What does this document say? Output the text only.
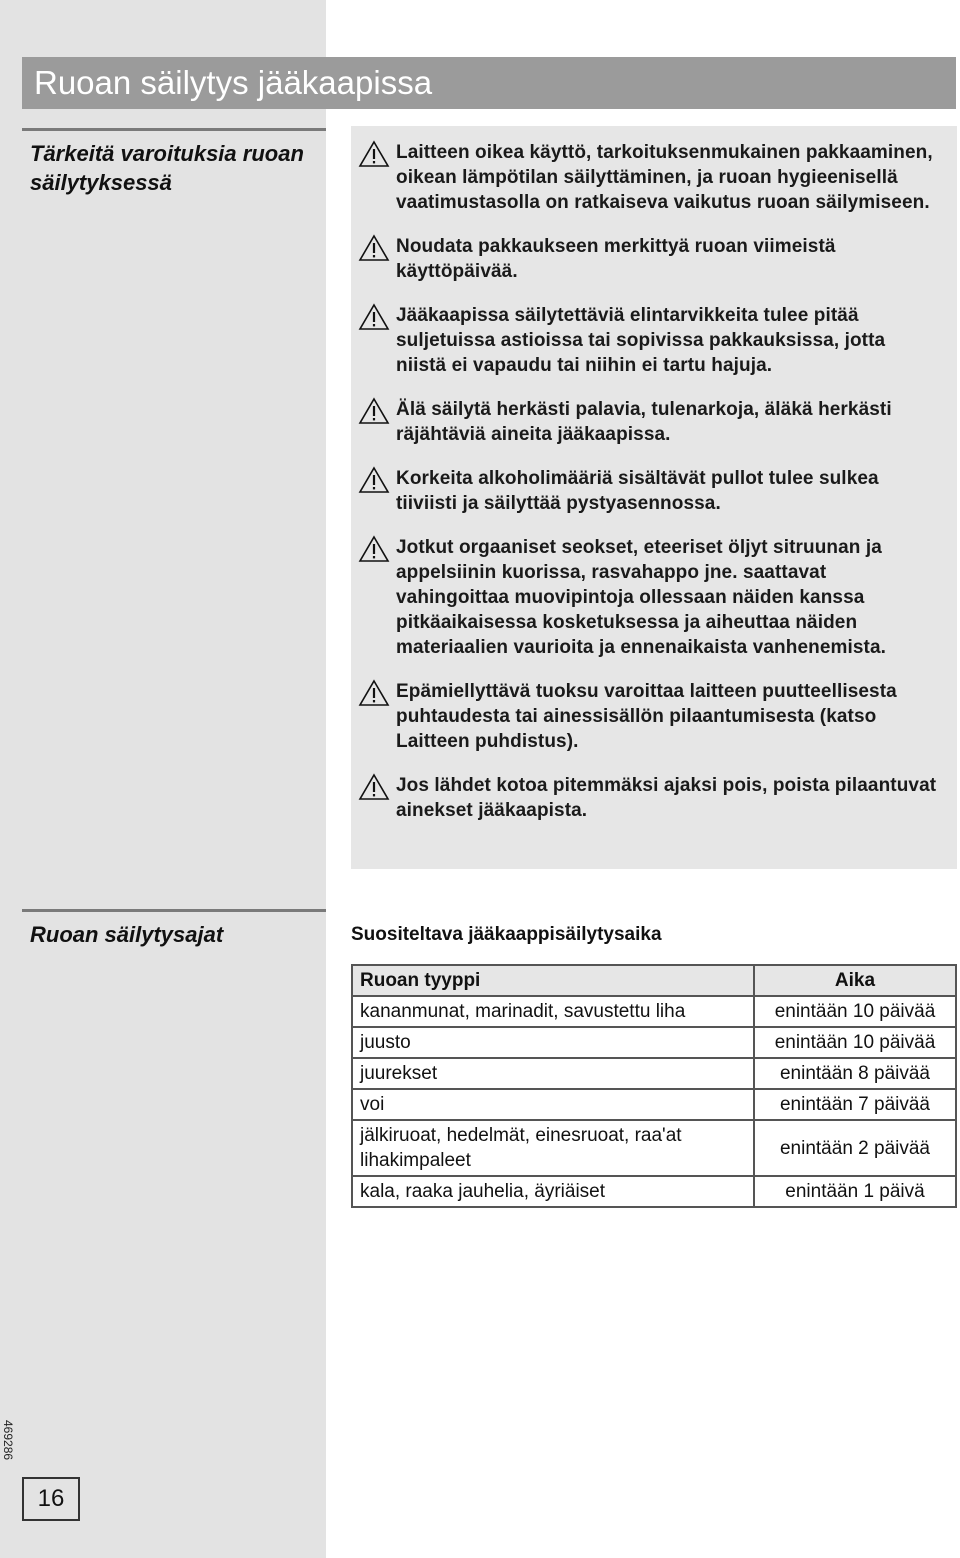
Ruoan säilytys jääkaapissa
Tärkeitä varoituksia ruoan säilytyksessä
Laitteen oikea käyttö, tarkoituksenmukainen pakkaaminen, oikean lämpötilan säilyttäminen, ja ruoan hygieenisellä vaatimustasolla on ratkaiseva vaikutus ruoan säilymiseen.
Noudata pakkaukseen merkittyä ruoan viimeistä käyttöpäivää.
Jääkaapissa säilytettäviä elintarvikkeita tulee pitää suljetuissa astioissa tai sopivissa pakkauksissa, jotta niistä ei vapaudu tai niihin ei tartu hajuja.
Älä säilytä herkästi palavia, tulenarkoja, äläkä herkästi räjähtäviä aineita jääkaapissa.
Korkeita alkoholimääriä sisältävät pullot tulee sulkea tiiviisti ja säilyttää pystyasennossa.
Jotkut orgaaniset seokset, eteeriset öljyt sitruunan ja appelsiinin kuorissa, rasvahappo jne. saattavat vahingoittaa muovipintoja ollessaan näiden kanssa pitkäaikaisessa kosketuksessa ja aiheuttaa näiden materiaalien vaurioita ja ennenaikaista vanhenemista.
Epämiellyttävä tuoksu varoittaa laitteen puutteellisesta puhtaudesta tai ainessisällön pilaantumisesta (katso Laitteen puhdistus).
Jos lähdet kotoa pitemmäksi ajaksi pois, poista pilaantuvat ainekset jääkaapista.
Ruoan säilytysajat	Suositeltava jääkaappisäilytysaika
Ruoan tyyppi	Aika
kananmunat, marinadit, savustettu liha	enintään 10 päivää
juusto	enintään 10 päivää
juurekset	enintään 8 päivää
voi	enintään 7 päivää
jälkiruoat, hedelmät, einesruoat, raa'at lihakimpaleet	enintään 2 päivää
kala, raaka jauhelia, äyriäiset	enintään 1 päivä
469286
16
